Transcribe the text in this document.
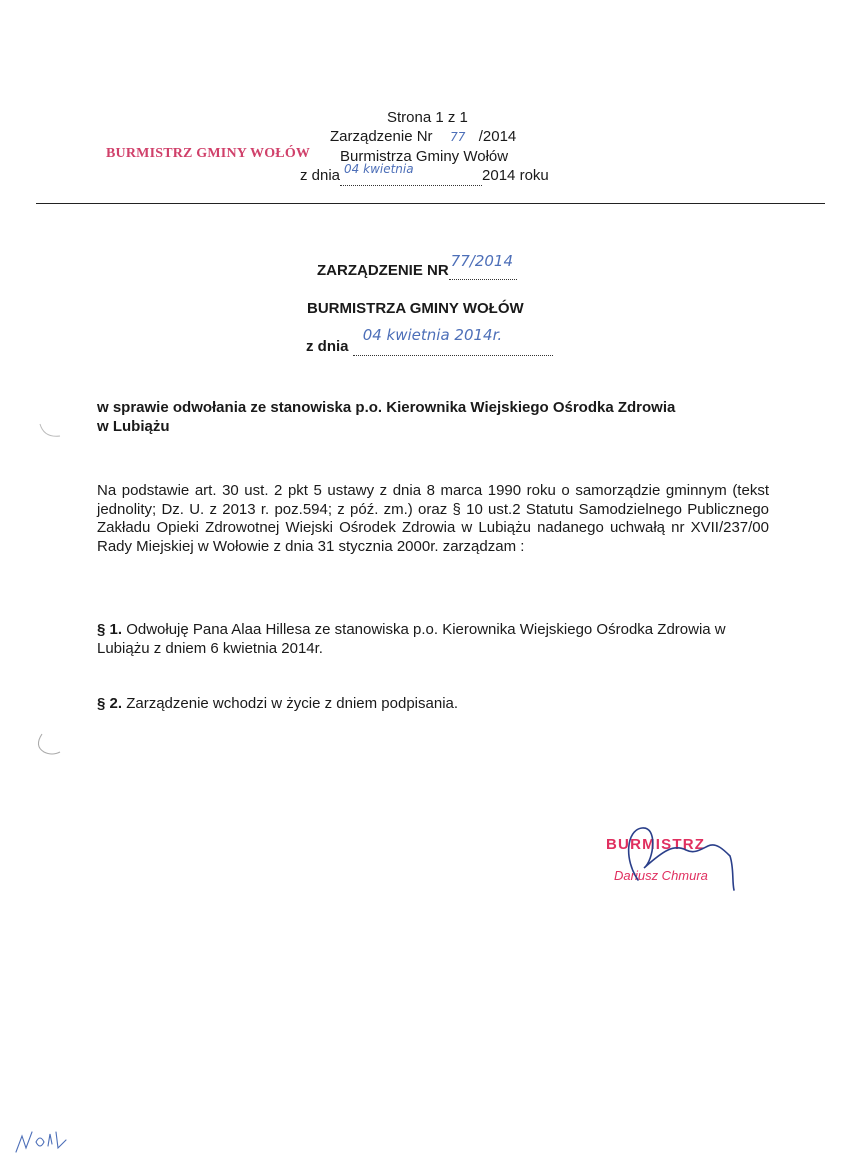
Strona 1 z 1
Zarządzenie Nr 77 /2014
Burmistrza Gminy Wołów
z dnia 04 kwietnia	2014 roku
BURMISTRZ GMINY WOŁÓW
ZARZĄDZENIE NR
77/2014

BURMISTRZA GMINY WOŁÓW
z dnia
04 kwietnia 2014r.

w sprawie odwołania ze stanowiska p.o. Kierownika Wiejskiego Ośrodka Zdrowia
w Lubiążu
Na podstawie art. 30 ust. 2 pkt 5 ustawy z dnia 8 marca 1990 roku o samorządzie gminnym (tekst jednolity; Dz. U. z 2013 r. poz.594; z póź. zm.) oraz § 10 ust.2 Statutu Samodzielnego Publicznego Zakładu Opieki Zdrowotnej Wiejski Ośrodek Zdrowia w Lubiążu nadanego uchwałą nr XVII/237/00 Rady Miejskiej w Wołowie z dnia 31 stycznia 2000r. zarządzam :
§ 1. Odwołuję Pana Alaa Hillesa ze stanowiska p.o. Kierownika Wiejskiego Ośrodka Zdrowia w Lubiążu z dniem 6 kwietnia 2014r.
§ 2. Zarządzenie wchodzi w życie z dniem podpisania.
BURMISTRZ
Dariusz Chmura
